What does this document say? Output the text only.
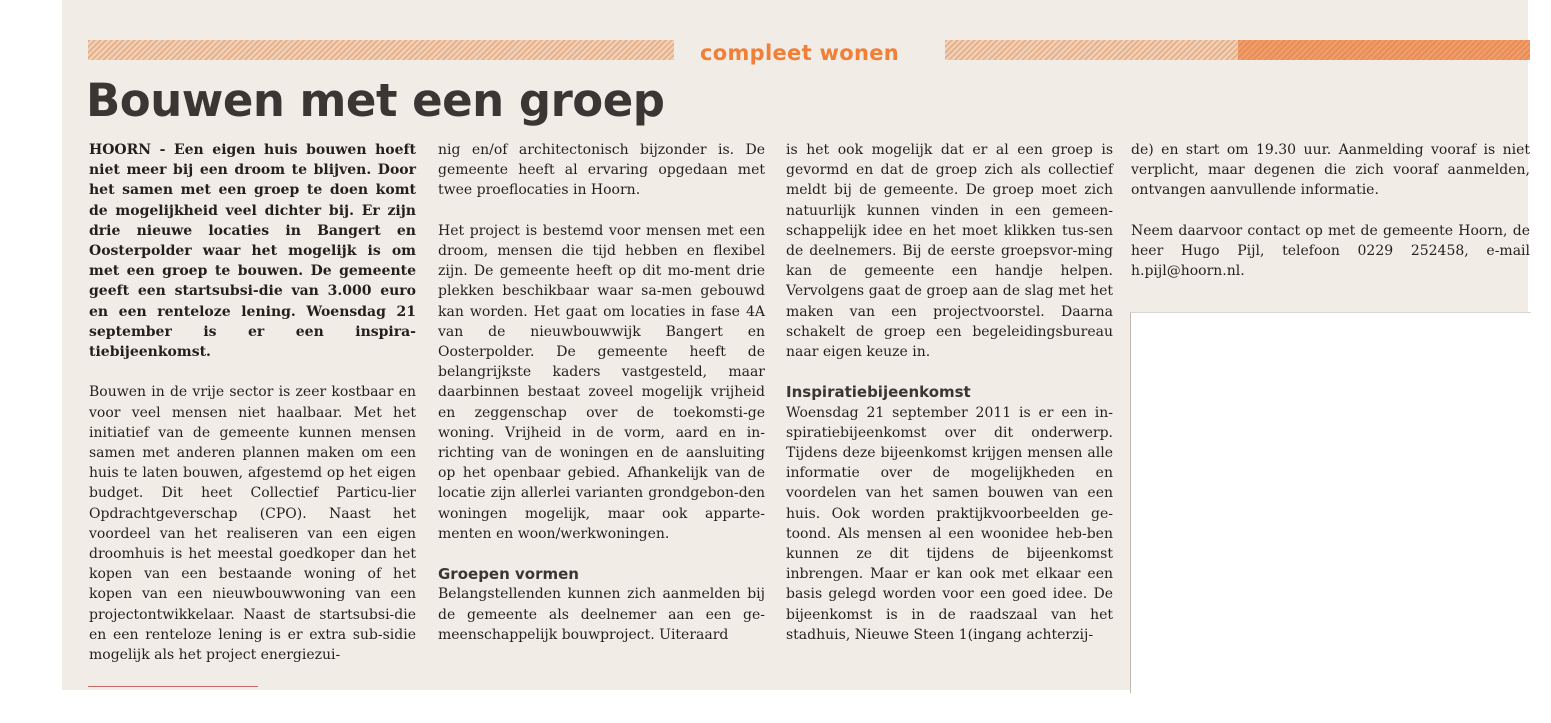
compleet wonen
Bouwen met een groep

HOORN - Een eigen huis bouwen hoeft niet meer bij een droom te blijven. Door het samen met een groep te doen komt de mogelijkheid veel dichter bij. Er zijn drie nieuwe locaties in Bangert en Oosterpolder waar het mogelijk is om met een groep te bouwen. De gemeente geeft een startsubsi-die van 3.000 euro en een renteloze lening. Woensdag 21 september is er een inspira-tiebijeenkomst.

Bouwen in de vrije sector is zeer kostbaar en voor veel mensen niet haalbaar. Met het initiatief van de gemeente kunnen mensen samen met anderen plannen maken om een huis te laten bouwen, afgestemd op het eigen budget. Dit heet Collectief Particu-lier Opdrachtgeverschap (CPO). Naast het voordeel van het realiseren van een eigen droomhuis is het meestal goedkoper dan het kopen van een bestaande woning of het kopen van een nieuwbouwwoning van een projectontwikkelaar. Naast de startsubsi-die en een renteloze lening is er extra sub-sidie mogelijk als het project energiezui-

nig en/of architectonisch bijzonder is. De gemeente heeft al ervaring opgedaan met twee proeflocaties in Hoorn.

Het project is bestemd voor mensen met een droom, mensen die tijd hebben en flexibel zijn. De gemeente heeft op dit mo-ment drie plekken beschikbaar waar sa-men gebouwd kan worden. Het gaat om locaties in fase 4A van de nieuwbouwwijk Bangert en Oosterpolder. De gemeente heeft de belangrijkste kaders vastgesteld, maar daarbinnen bestaat zoveel mogelijk vrijheid en zeggenschap over de toekomsti-ge woning. Vrijheid in de vorm, aard en in-richting van de woningen en de aansluiting op het openbaar gebied. Afhankelijk van de locatie zijn allerlei varianten grondgebon-den woningen mogelijk, maar ook apparte-menten en woon/werkwoningen.

Groepen vormen

Belangstellenden kunnen zich aanmelden bij de gemeente als deelnemer aan een ge-meenschappelijk bouwproject. Uiteraard

is het ook mogelijk dat er al een groep is gevormd en dat de groep zich als collectief meldt bij de gemeente. De groep moet zich natuurlijk kunnen vinden in een gemeen-schappelijk idee en het moet klikken tus-sen de deelnemers. Bij de eerste groepsvor-ming kan de gemeente een handje helpen. Vervolgens gaat de groep aan de slag met het maken van een projectvoorstel. Daarna schakelt de groep een begeleidingsbureau naar eigen keuze in.

Inspiratiebijeenkomst

Woensdag 21 september 2011 is er een in-spiratiebijeenkomst over dit onderwerp. Tijdens deze bijeenkomst krijgen mensen alle informatie over de mogelijkheden en voordelen van het samen bouwen van een huis. Ook worden praktijkvoorbeelden ge-toond. Als mensen al een woonidee heb-ben kunnen ze dit tijdens de bijeenkomst inbrengen. Maar er kan ook met elkaar een basis gelegd worden voor een goed idee. De bijeenkomst is in de raadszaal van het stadhuis, Nieuwe Steen 1(ingang achterzij-

de) en start om 19.30 uur. Aanmelding vooraf is niet verplicht, maar degenen die zich vooraf aanmelden, ontvangen aanvullende informatie.

Neem daarvoor contact op met de gemeente Hoorn, de heer Hugo Pijl, telefoon 0229 252458, e-mail h.pijl@hoorn.nl.
